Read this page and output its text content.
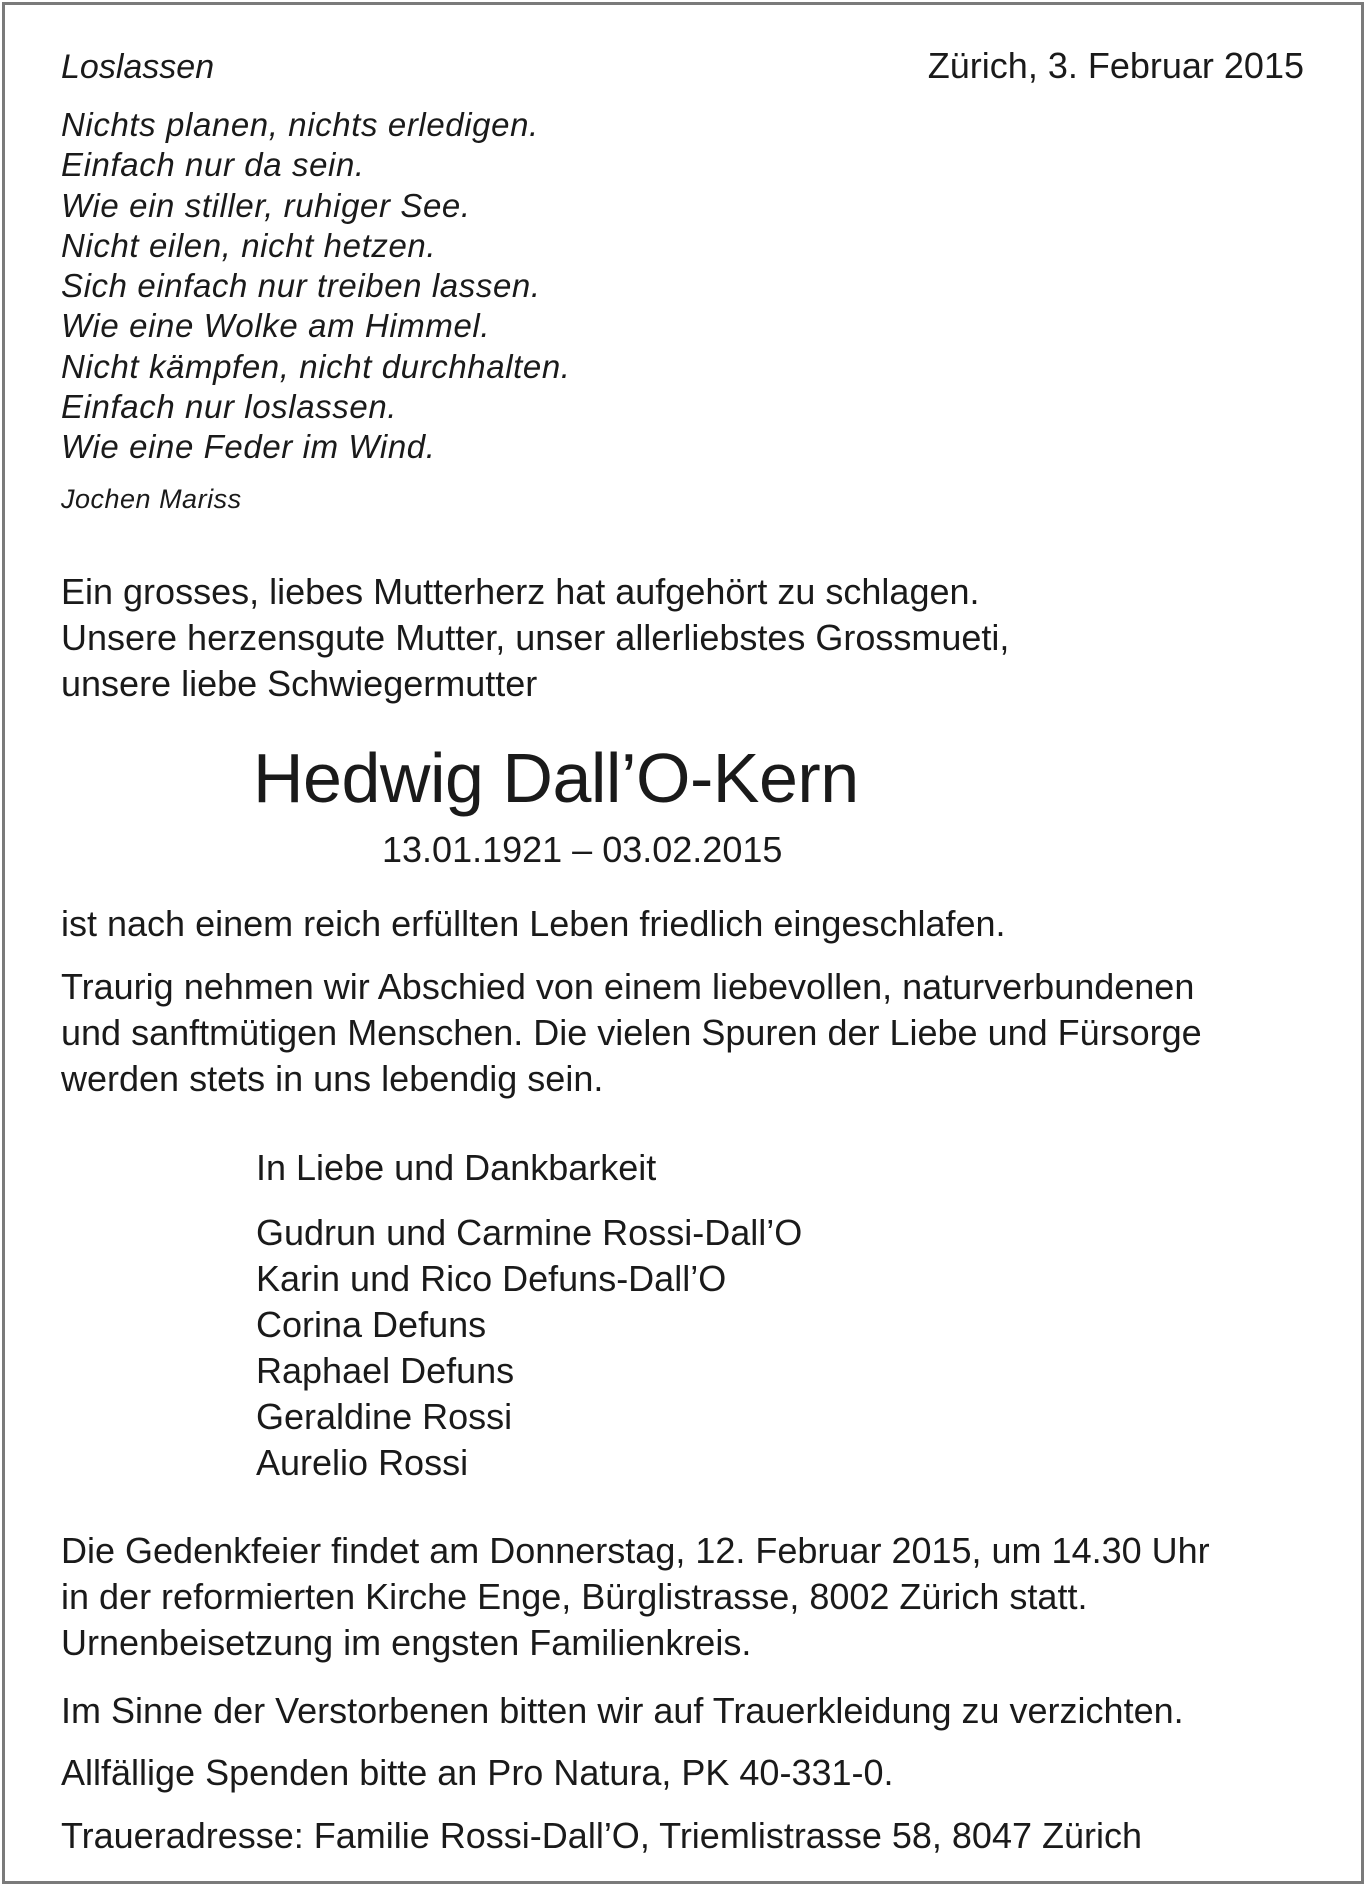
Loslassen	Zürich, 3. Februar 2015
Nichts planen, nichts erledigen.
Einfach nur da sein.
Wie ein stiller, ruhiger See.
Nicht eilen, nicht hetzen.
Sich einfach nur treiben lassen.
Wie eine Wolke am Himmel.
Nicht kämpfen, nicht durchhalten.
Einfach nur loslassen.
Wie eine Feder im Wind.
Jochen Mariss
Ein grosses, liebes Mutterherz hat aufgehört zu schlagen.
Unsere herzensgute Mutter, unser allerliebstes Grossmueti,
unsere liebe Schwiegermutter
Hedwig Dall’O-Kern
13.01.1921 – 03.02.2015
ist nach einem reich erfüllten Leben friedlich eingeschlafen.
Traurig nehmen wir Abschied von einem liebevollen, naturverbundenen
und sanftmütigen Menschen. Die vielen Spuren der Liebe und Fürsorge
werden stets in uns lebendig sein.
In Liebe und Dankbarkeit
Gudrun und Carmine Rossi-Dall’O
Karin und Rico Defuns-Dall’O
Corina Defuns
Raphael Defuns
Geraldine Rossi
Aurelio Rossi
Die Gedenkfeier findet am Donnerstag, 12. Februar 2015, um 14.30 Uhr
in der reformierten Kirche Enge, Bürglistrasse, 8002 Zürich statt.
Urnenbeisetzung im engsten Familienkreis.
Im Sinne der Verstorbenen bitten wir auf Trauerkleidung zu verzichten.
Allfällige Spenden bitte an Pro Natura, PK 40-331-0.
Traueradresse: Familie Rossi-Dall’O, Triemlistrasse 58, 8047 Zürich
